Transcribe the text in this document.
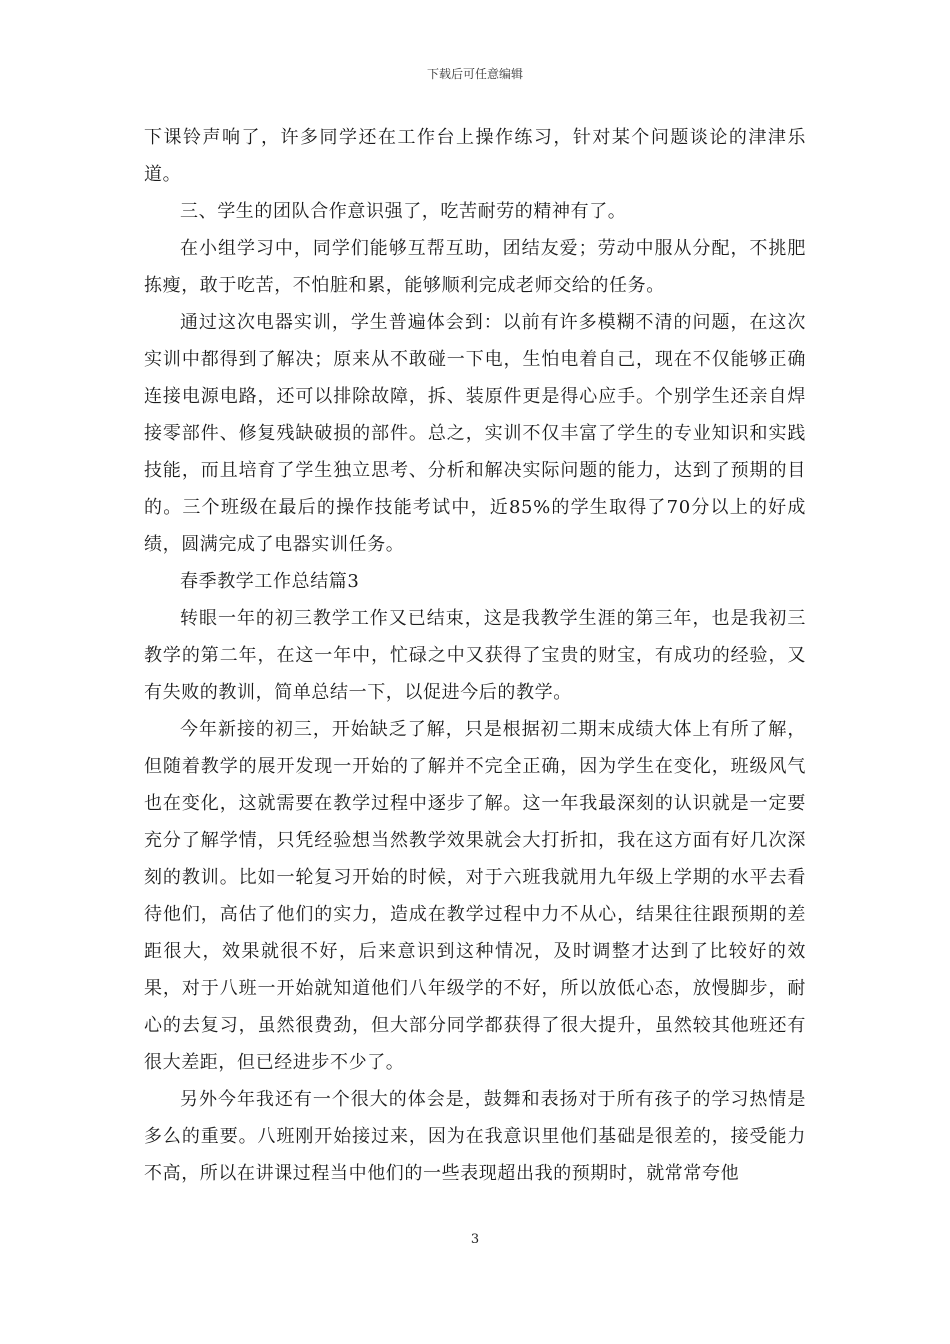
下载后可任意编辑

下课铃声响了，许多同学还在工作台上操作练习，针对某个问题谈论的津津乐道。

三、学生的团队合作意识强了，吃苦耐劳的精神有了。

在小组学习中，同学们能够互帮互助，团结友爱；劳动中服从分配，不挑肥拣瘦，敢于吃苦，不怕脏和累，能够顺利完成老师交给的任务。

通过这次电器实训，学生普遍体会到：以前有许多模糊不清的问题，在这次实训中都得到了解决；原来从不敢碰一下电，生怕电着自己，现在不仅能够正确连接电源电路，还可以排除故障，拆、装原件更是得心应手。个别学生还亲自焊接零部件、修复残缺破损的部件。总之，实训不仅丰富了学生的专业知识和实践技能，而且培育了学生独立思考、分析和解决实际问题的能力，达到了预期的目的。三个班级在最后的操作技能考试中，近85%的学生取得了70分以上的好成绩，圆满完成了电器实训任务。

春季教学工作总结篇3

转眼一年的初三教学工作又已结束，这是我教学生涯的第三年，也是我初三教学的第二年，在这一年中，忙碌之中又获得了宝贵的财宝，有成功的经验，又有失败的教训，简单总结一下，以促进今后的教学。

今年新接的初三，开始缺乏了解，只是根据初二期末成绩大体上有所了解，但随着教学的展开发现一开始的了解并不完全正确，因为学生在变化，班级风气也在变化，这就需要在教学过程中逐步了解。这一年我最深刻的认识就是一定要充分了解学情，只凭经验想当然教学效果就会大打折扣，我在这方面有好几次深刻的教训。比如一轮复习开始的时候，对于六班我就用九年级上学期的水平去看待他们，高估了他们的实力，造成在教学过程中力不从心，结果往往跟预期的差距很大，效果就很不好，后来意识到这种情况，及时调整才达到了比较好的效果，对于八班一开始就知道他们八年级学的不好，所以放低心态，放慢脚步，耐心的去复习，虽然很费劲，但大部分同学都获得了很大提升，虽然较其他班还有很大差距，但已经进步不少了。

另外今年我还有一个很大的体会是，鼓舞和表扬对于所有孩子的学习热情是多么的重要。八班刚开始接过来，因为在我意识里他们基础是很差的，接受能力不高，所以在讲课过程当中他们的一些表现超出我的预期时，就常常夸他

3
